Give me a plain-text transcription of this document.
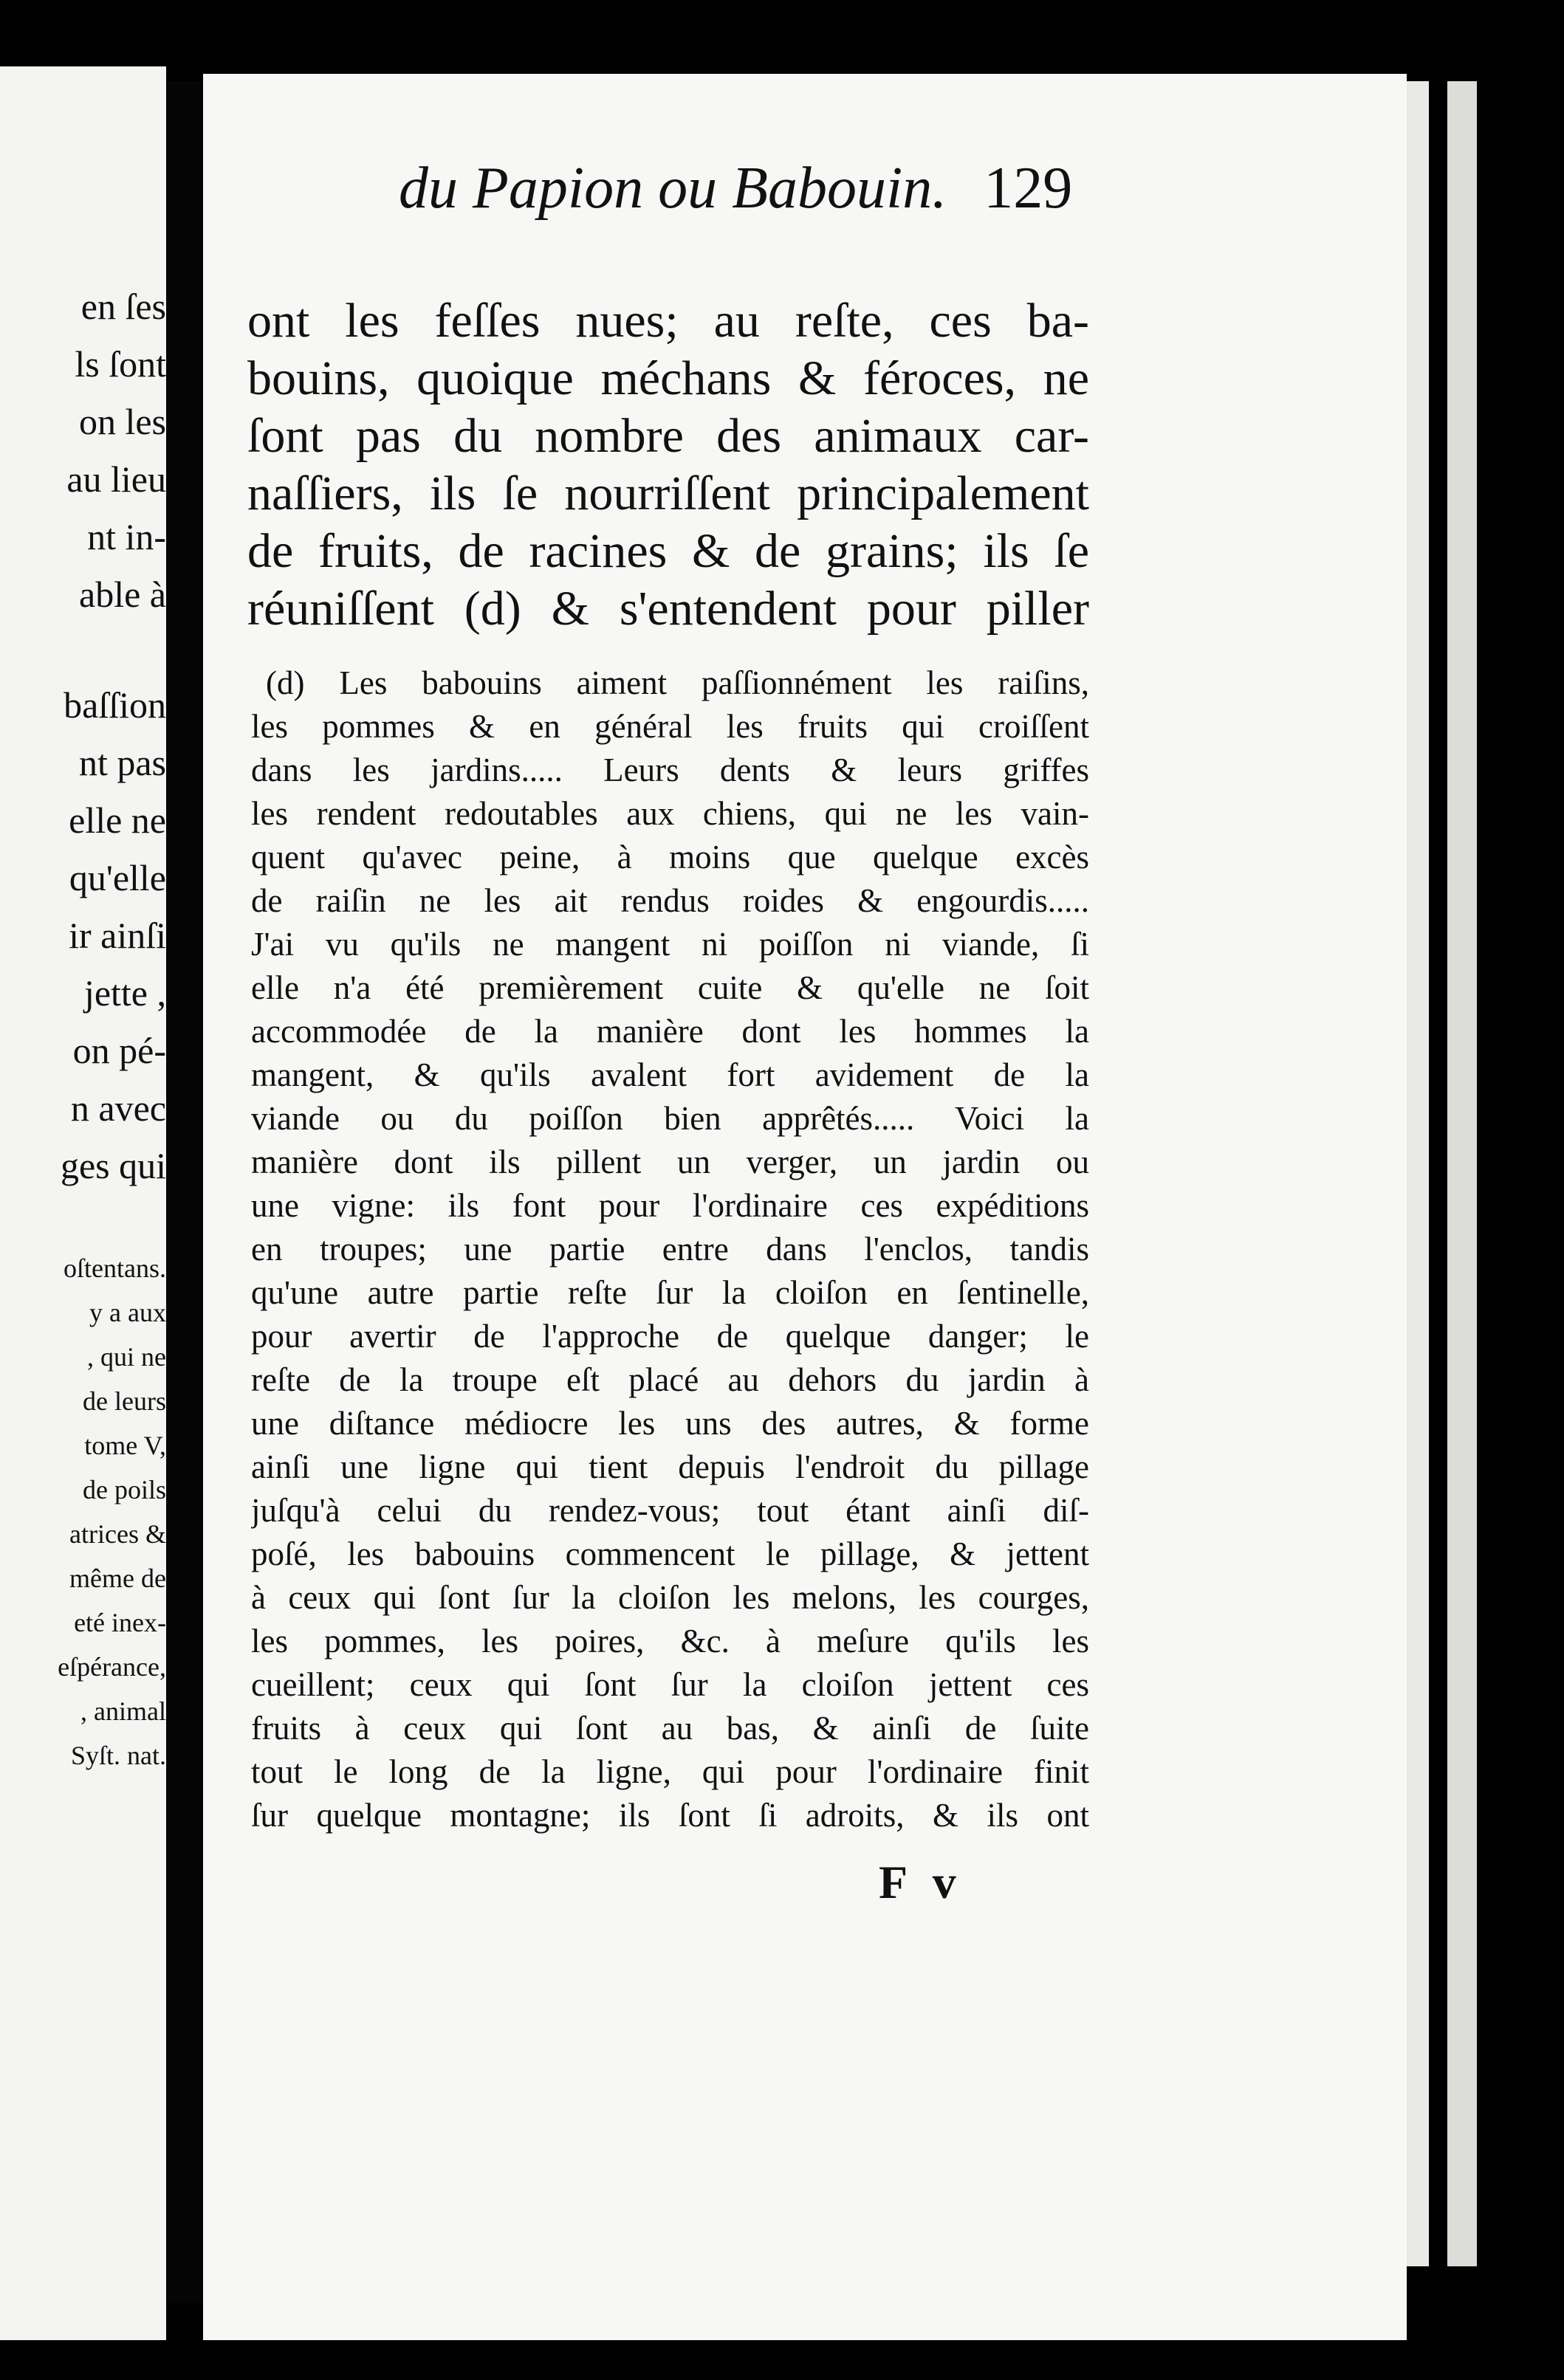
en ſes
ls ſont
on les
au lieu
nt in-
able à
baſſion
nt pas
elle ne
qu'elle
ir ainſi
jette ,
on pé-
n avec
ges qui
oſtentans.
y a aux
, qui ne
de leurs
tome V,
de poils
atrices &
même de
eté inex-
eſpérance,
, animal
Syſt. nat.
du Papion ou Babouin. 129
ont les feſſes nues; au reſte, ces ba-
bouins, quoique méchans & féroces, ne
ſont pas du nombre des animaux car-
naſſiers, ils ſe nourriſſent principalement
de fruits, de racines & de grains; ils ſe
réuniſſent (d) & s'entendent pour piller
(d) Les babouins aiment paſſionnément les raiſins,
les pommes & en général les fruits qui croiſſent
dans les jardins..... Leurs dents & leurs griffes
les rendent redoutables aux chiens, qui ne les vain-
quent qu'avec peine, à moins que quelque excès
de raiſin ne les ait rendus roides & engourdis.....
J'ai vu qu'ils ne mangent ni poiſſon ni viande, ſi
elle n'a été premièrement cuite & qu'elle ne ſoit
accommodée de la manière dont les hommes la
mangent, & qu'ils avalent fort avidement de la
viande ou du poiſſon bien apprêtés..... Voici la
manière dont ils pillent un verger, un jardin ou
une vigne: ils font pour l'ordinaire ces expéditions
en troupes; une partie entre dans l'enclos, tandis
qu'une autre partie reſte ſur la cloiſon en ſentinelle,
pour avertir de l'approche de quelque danger; le
reſte de la troupe eſt placé au dehors du jardin à
une diſtance médiocre les uns des autres, & forme
ainſi une ligne qui tient depuis l'endroit du pillage
juſqu'à celui du rendez-vous; tout étant ainſi diſ-
poſé, les babouins commencent le pillage, & jettent
à ceux qui ſont ſur la cloiſon les melons, les courges,
les pommes, les poires, &c. à meſure qu'ils les
cueillent; ceux qui ſont ſur la cloiſon jettent ces
fruits à ceux qui ſont au bas, & ainſi de ſuite
tout le long de la ligne, qui pour l'ordinaire finit
ſur quelque montagne; ils ſont ſi adroits, & ils ont
F v
